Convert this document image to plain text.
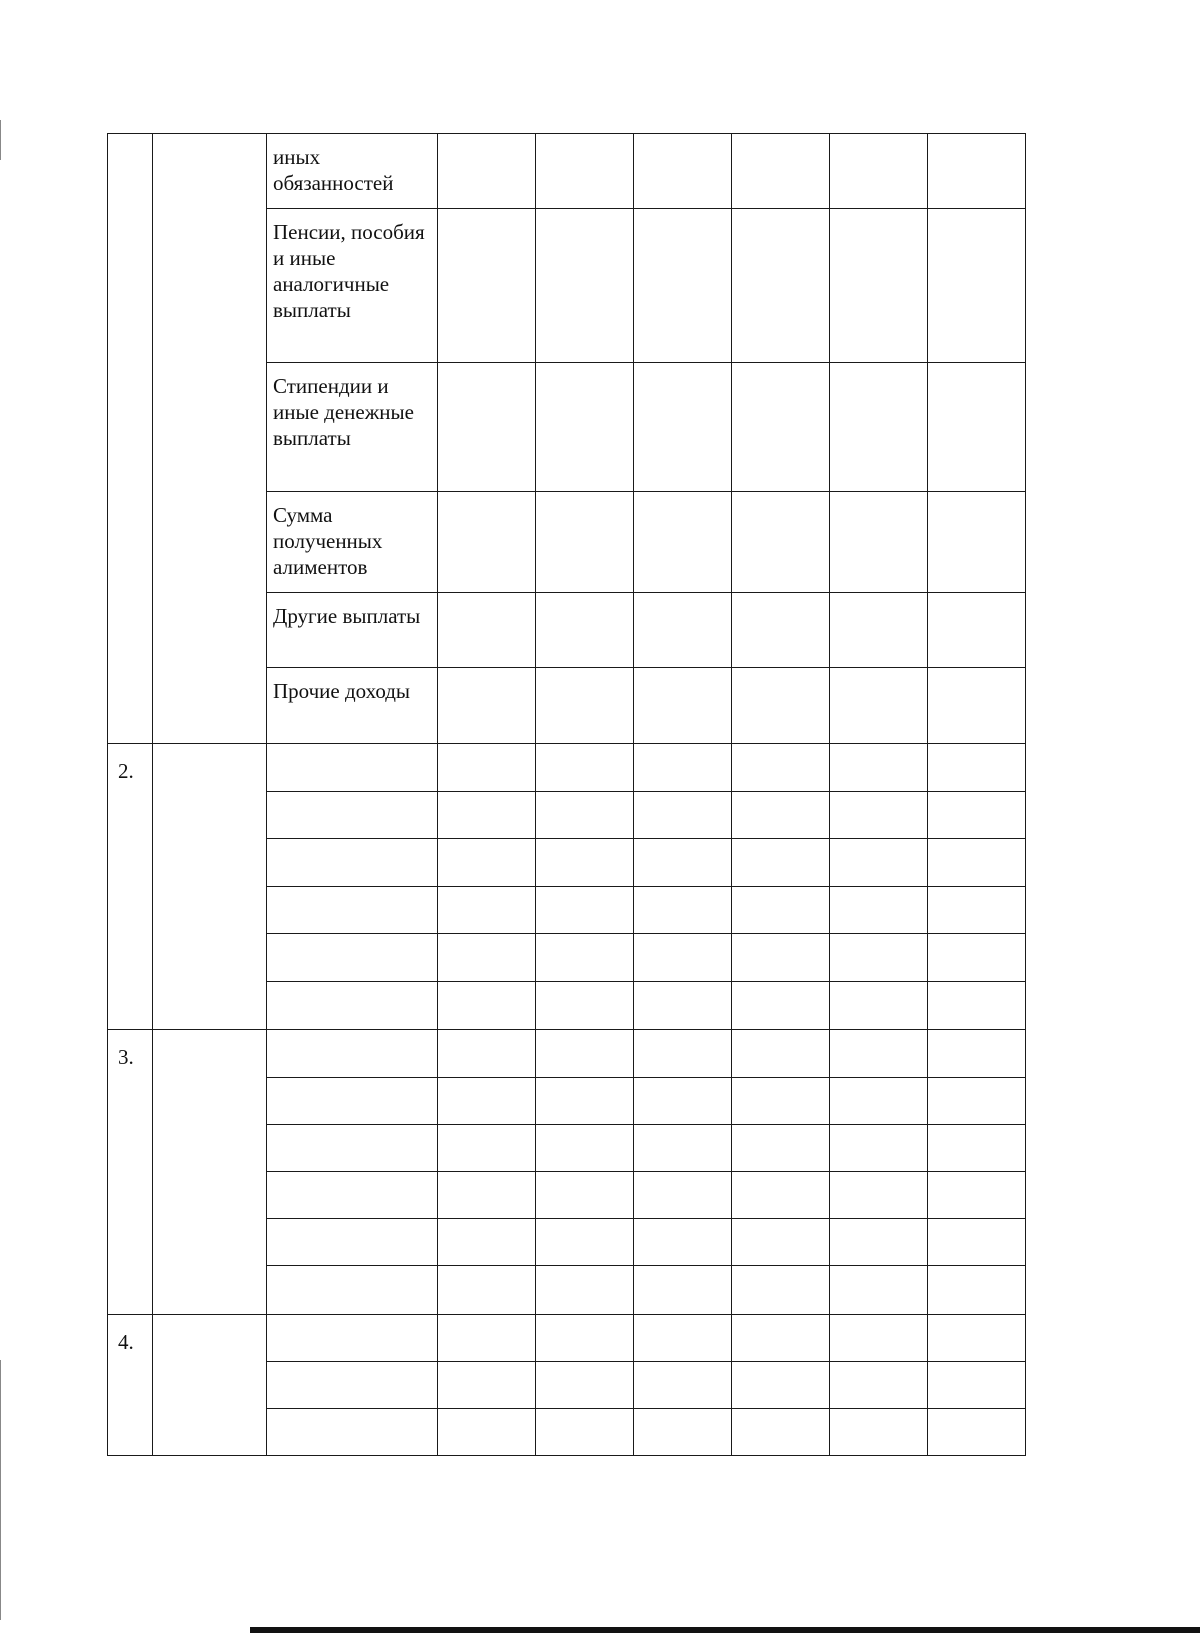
		иных обязанностей						

		Пенсии, пособия и иные аналогичные выплаты						

		Стипендии и иные денежные выплаты						

		Сумма полученных алиментов						

		Другие выплаты						

		Прочие доходы						

2.								

3.								

4.								
